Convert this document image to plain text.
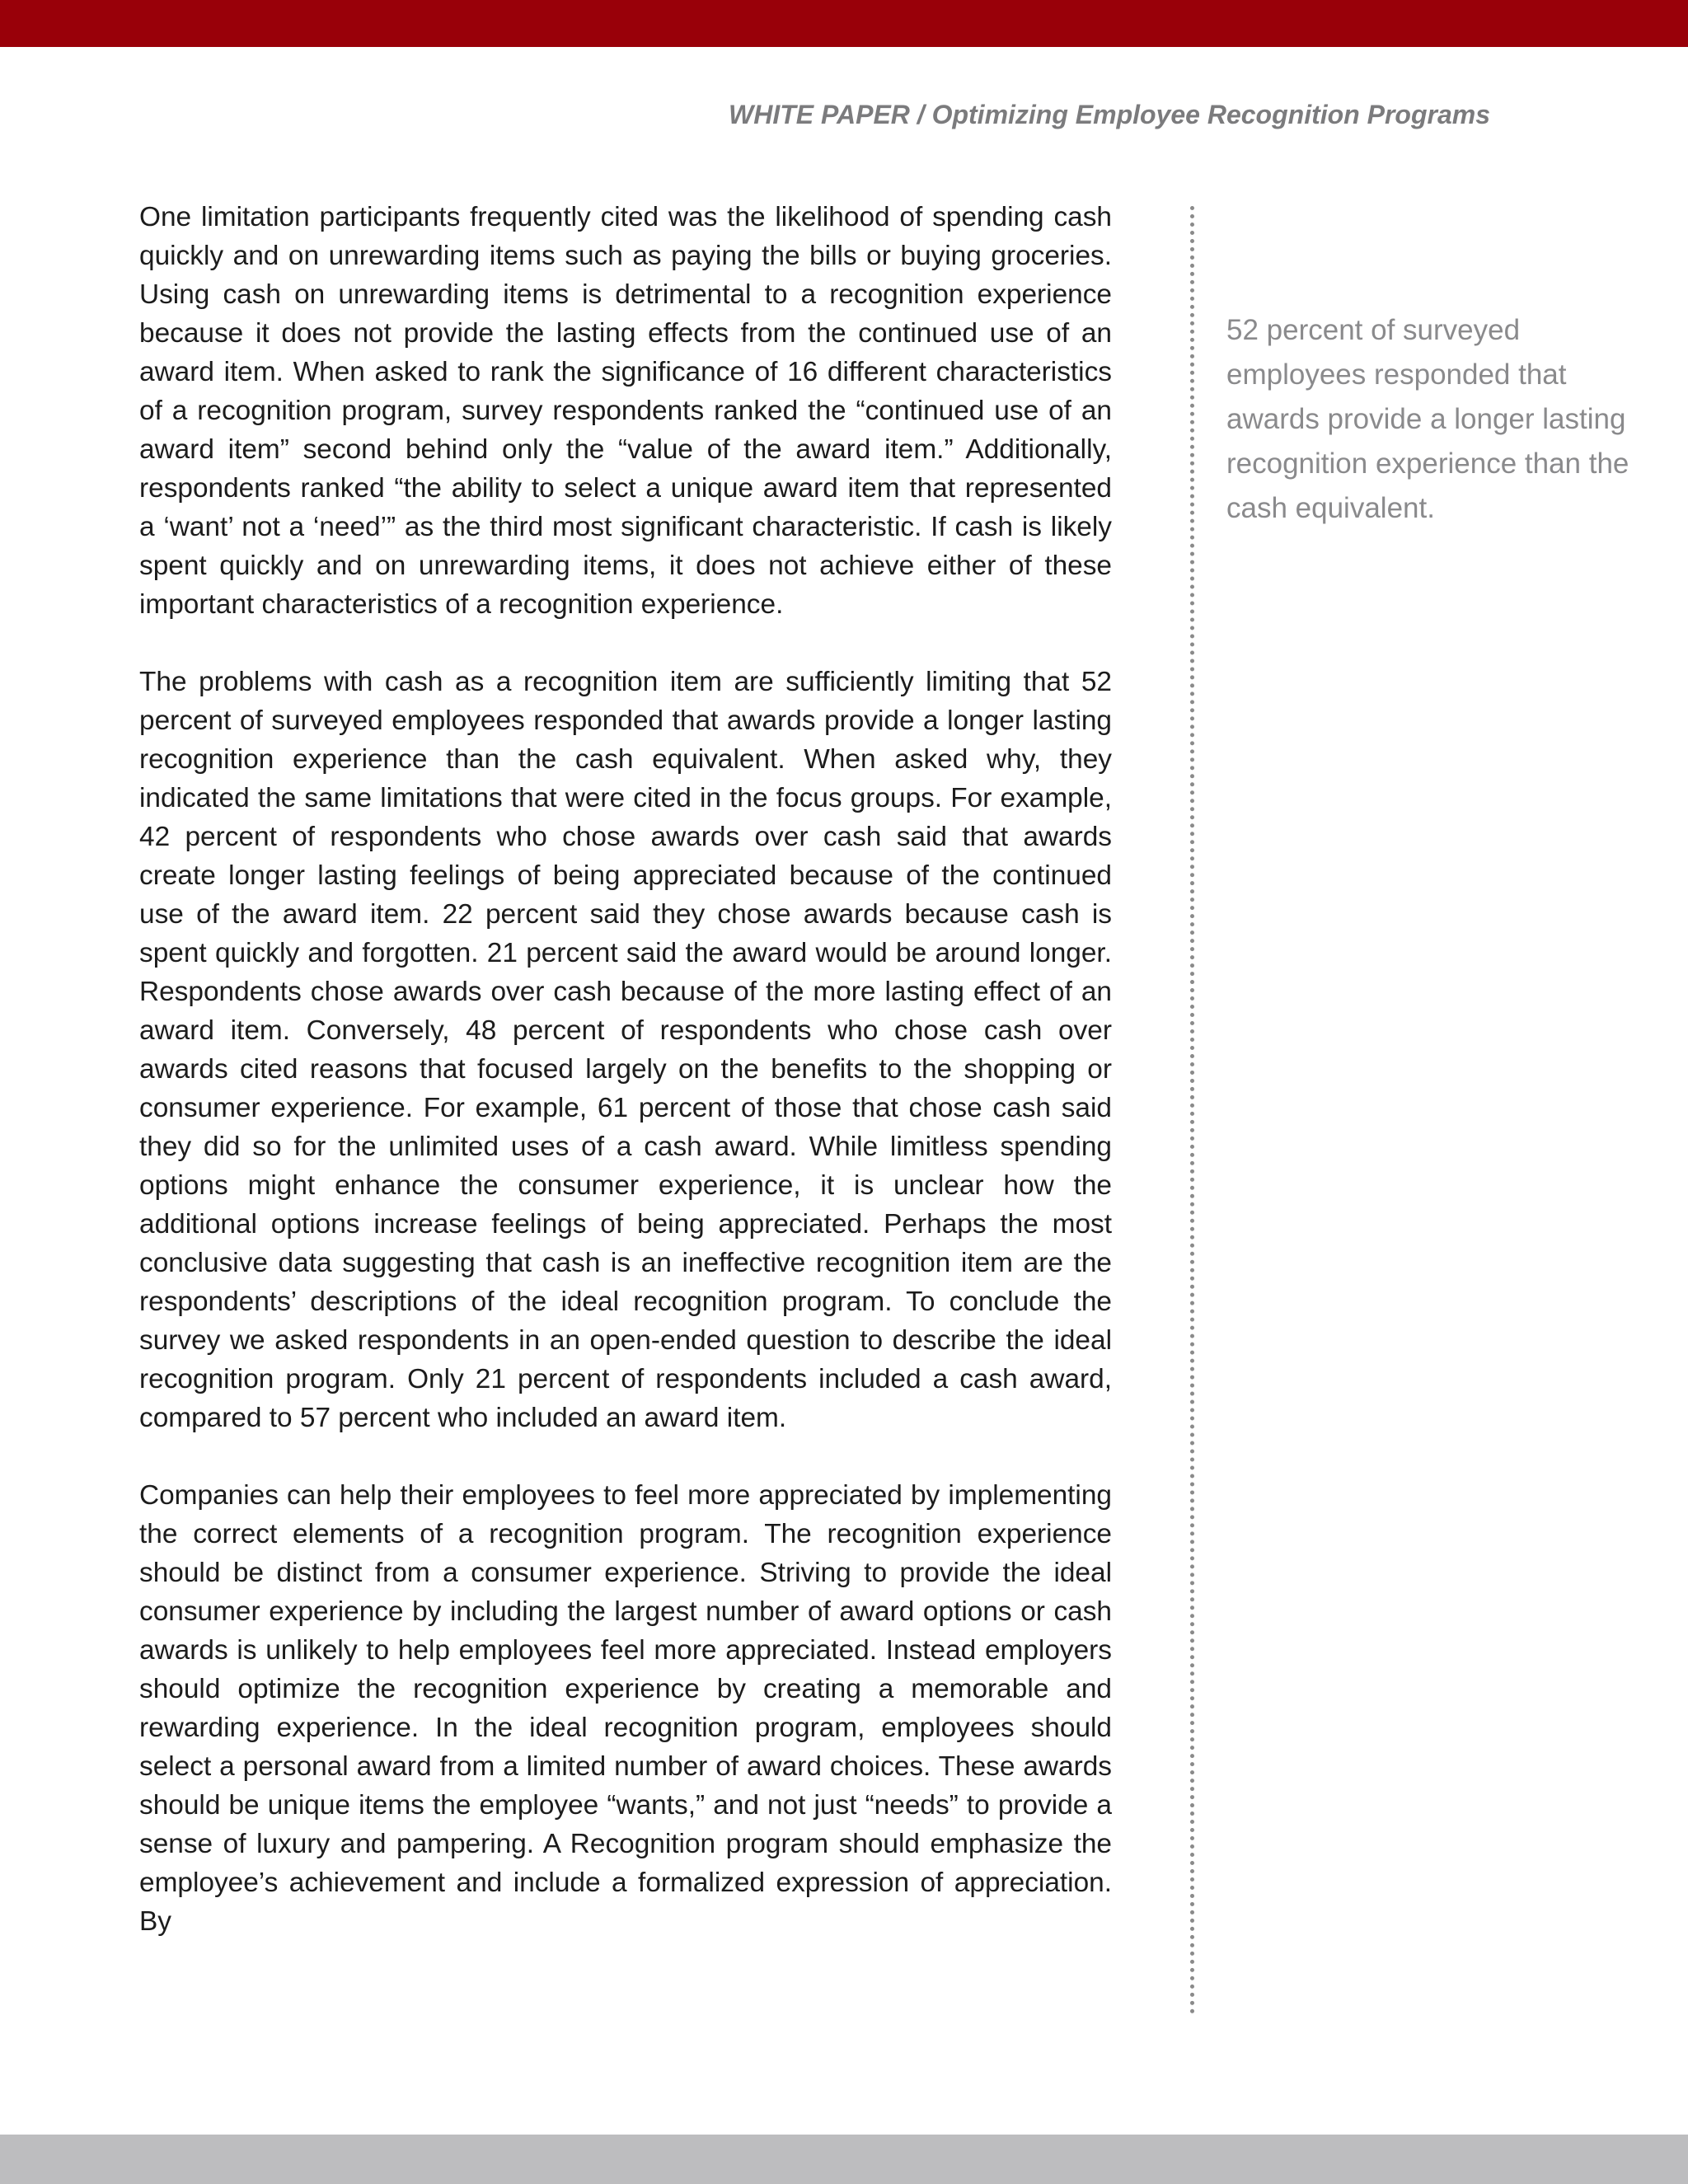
WHITE PAPER / Optimizing Employee Recognition Programs

One limitation participants frequently cited was the likelihood of spending cash quickly and on unrewarding items such as paying the bills or buying groceries. Using cash on unrewarding items is detrimental to a recognition experience because it does not provide the lasting effects from the continued use of an award item. When asked to rank the significance of 16 different characteristics of a recognition program, survey respondents ranked the “continued use of an award item” second behind only the “value of the award item.” Additionally, respondents ranked “the ability to select a unique award item that represented a ‘want’ not a ‘need’” as the third most significant characteristic. If cash is likely spent quickly and on unrewarding items, it does not achieve either of these important characteristics of a recognition experience.

The problems with cash as a recognition item are sufficiently limiting that 52 percent of surveyed employees responded that awards provide a longer lasting recognition experience than the cash equivalent. When asked why, they indicated the same limitations that were cited in the focus groups. For example, 42 percent of respondents who chose awards over cash said that awards create longer lasting feelings of being appreciated because of the continued use of the award item. 22 percent said they chose awards because cash is spent quickly and forgotten. 21 percent said the award would be around longer. Respondents chose awards over cash because of the more lasting effect of an award item. Conversely, 48 percent of respondents who chose cash over awards cited reasons that focused largely on the benefits to the shopping or consumer experience. For example, 61 percent of those that chose cash said they did so for the unlimited uses of a cash award. While limitless spending options might enhance the consumer experience, it is unclear how the additional options increase feelings of being appreciated. Perhaps the most conclusive data suggesting that cash is an ineffective recognition item are the respondents’ descriptions of the ideal recognition program. To conclude the survey we asked respondents in an open-ended question to describe the ideal recognition program. Only 21 percent of respondents included a cash award, compared to 57 percent who included an award item.

Companies can help their employees to feel more appreciated by implementing the correct elements of a recognition program. The recognition experience should be distinct from a consumer experience. Striving to provide the ideal consumer experience by including the largest number of award options or cash awards is unlikely to help employees feel more appreciated. Instead employers should optimize the recognition experience by creating a memorable and rewarding experience. In the ideal recognition program, employees should select a personal award from a limited number of award choices. These awards should be unique items the employee “wants,” and not just “needs” to provide a sense of luxury and pampering. A Recognition program should emphasize the employee’s achievement and include a formalized expression of appreciation. By

52 percent of surveyed employees responded that awards provide a longer lasting recognition experience than the cash equivalent.
